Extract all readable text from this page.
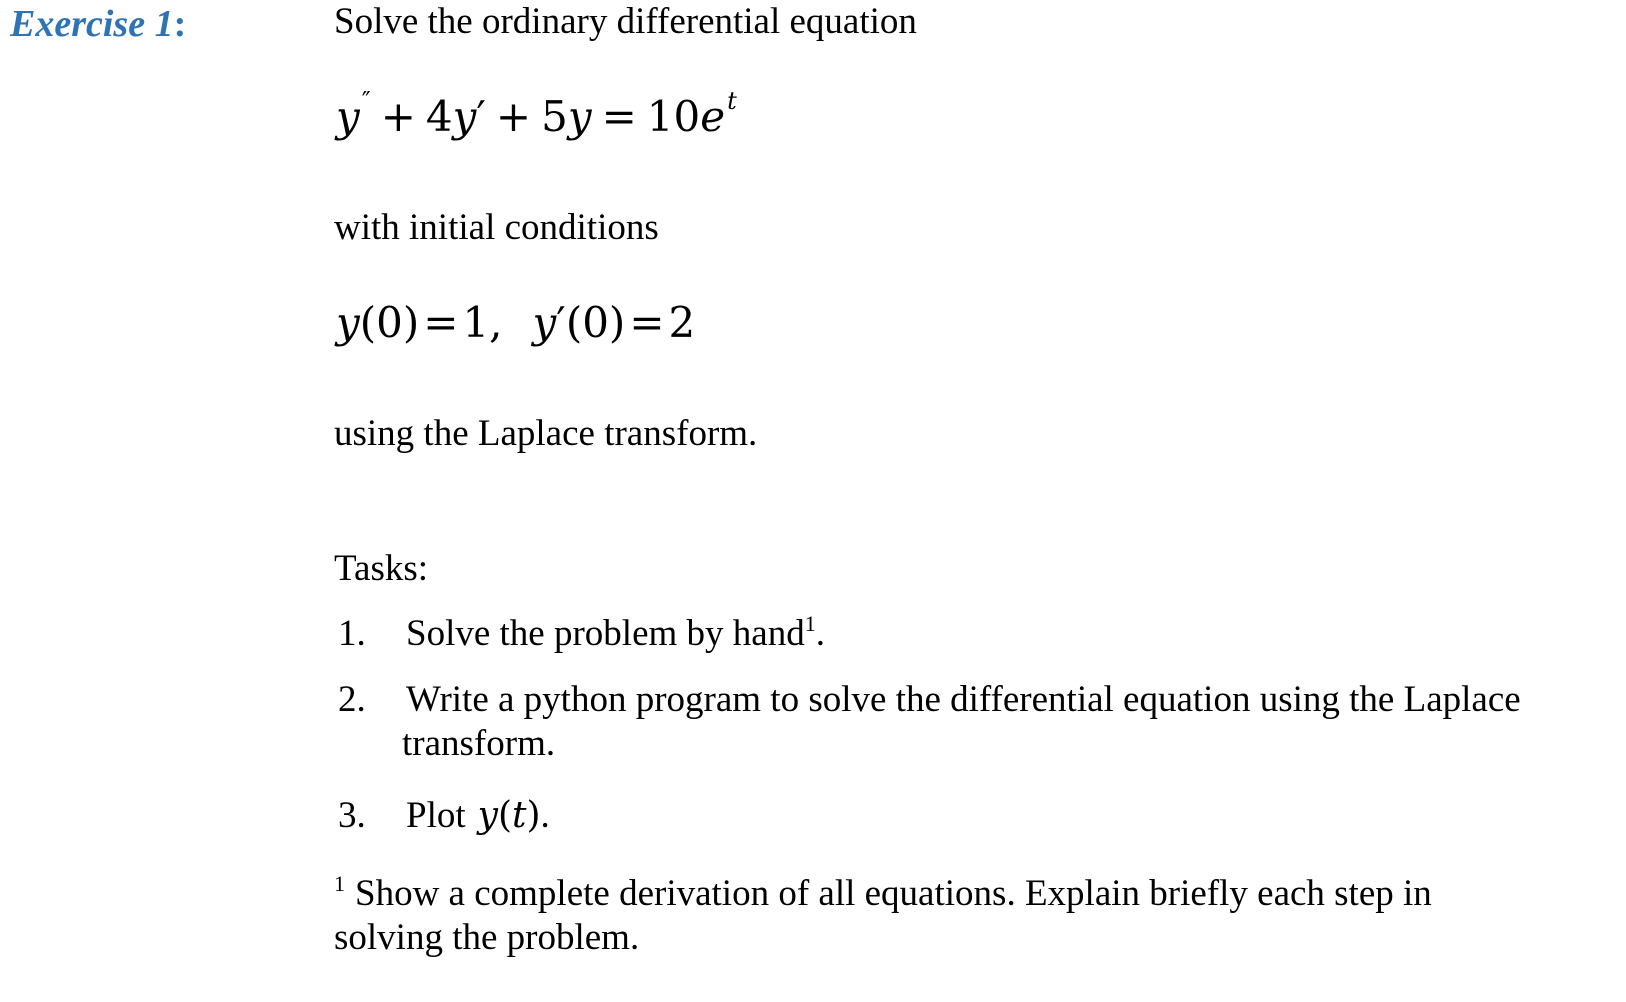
Exercise 1:	Solve the ordinary differential equation
$y'' + 4y' + 5y = 10e^t$
with initial conditions
y(0)=1, y′(0)=2
using the Laplace transform.
Tasks:
1. Solve the problem by hand$^1$.
2. Write a python program to solve the differential equation using the Laplace
transform.
3. Plot y(t).
$^1$ Show a complete derivation of all equations. Explain briefly each step in
solving the problem.
